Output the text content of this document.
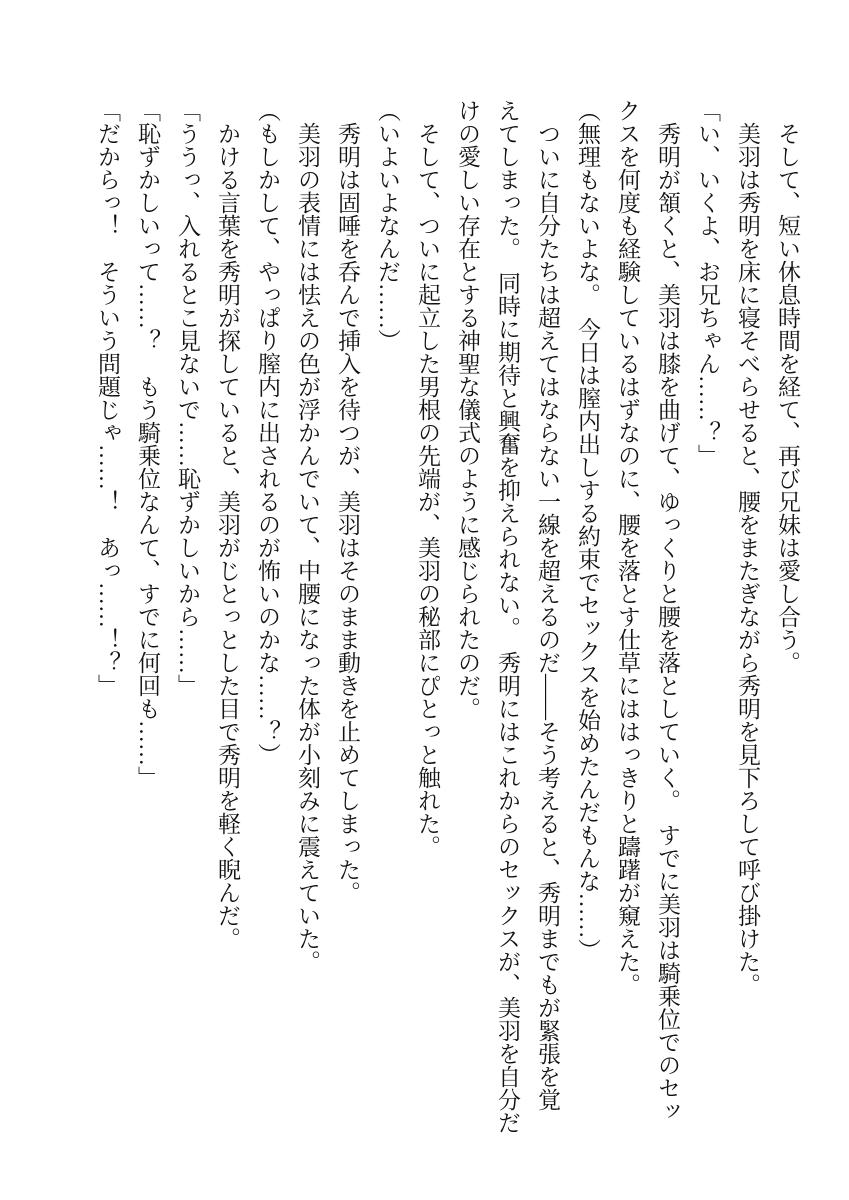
そして、短い休息時間を経て、再び兄妹は愛し合う。

美羽は秀明を床に寝そべらせると、腰をまたぎながら秀明を見下ろして呼び掛けた。

「い、いくよ、お兄ちゃん……？」

秀明が頷くと、美羽は膝を曲げて、ゆっくりと腰を落としていく。　すでに美羽は騎乗位でのセッ

クスを何度も経験しているはずなのに、腰を落とす仕草にははっきりと躊躇が窺えた。

（無理もないよな。　今日は膣内出しする約束でセックスを始めたんだもんな……）

ついに自分たちは超えてはならない一線を超えるのだ――そう考えると、秀明までもが緊張を覚

えてしまった。　同時に期待と興奮を抑えられない。　秀明にはこれからのセックスが、美羽を自分だ

けの愛しい存在とする神聖な儀式のように感じられたのだ。

そして、ついに起立した男根の先端が、美羽の秘部にぴとっと触れた。

（いよいよなんだ……）

秀明は固唾を呑んで挿入を待つが、美羽はそのまま動きを止めてしまった。

美羽の表情には怯えの色が浮かんでいて、中腰になった体が小刻みに震えていた。

（もしかして、やっぱり膣内に出されるのが怖いのかな……？）

かける言葉を秀明が探していると、美羽がじとっとした目で秀明を軽く睨んだ。

「ううっ、入れるとこ見ないで……恥ずかしいから……」

「恥ずかしいって……？　もう騎乗位なんて、すでに何回も……」

「だからっ！　そういう問題じゃ……！　あっ……！？」
